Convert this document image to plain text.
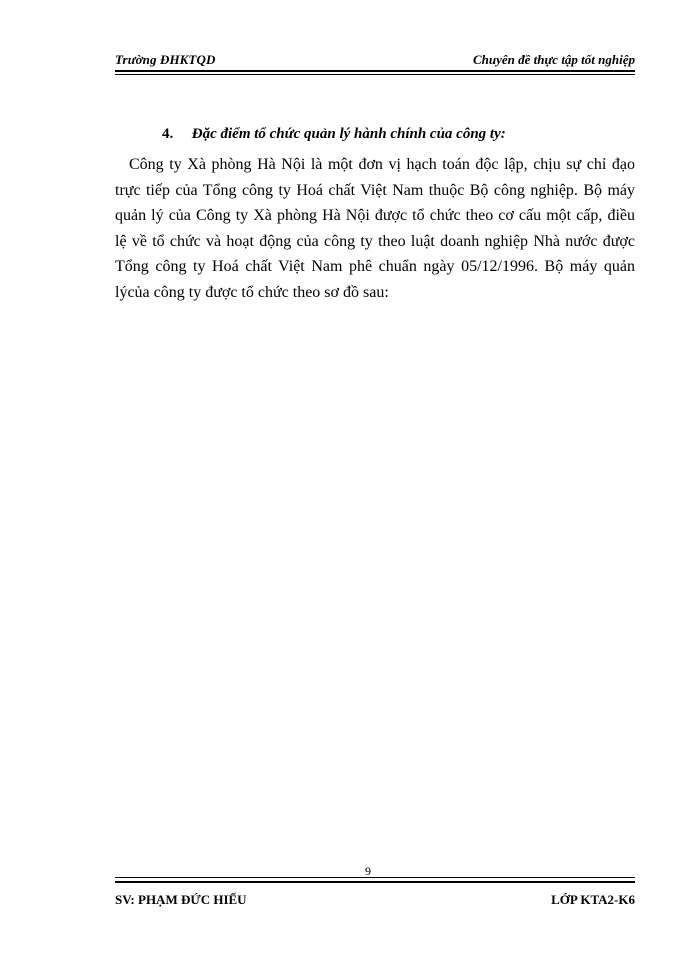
Trường ĐHKTQD	Chuyên đề thực tập tốt nghiệp
4. Đặc điểm tổ chức quản lý hành chính của công ty:
Công ty Xà phòng Hà Nội là một đơn vị hạch toán độc lập, chịu sự chỉ đạo
trực tiếp của Tổng công ty Hoá chất Việt Nam thuộc Bộ công nghiệp. Bộ máy
quản lý của Công ty Xà phòng Hà Nội được tổ chức theo cơ cấu một cấp, điều
lệ về tổ chức và hoạt động của công ty theo luật doanh nghiệp Nhà nước được
Tổng công ty Hoá chất Việt Nam phê chuẩn ngày 05/12/1996. Bộ máy quản
lýcủa công ty được tổ chức theo sơ đồ sau:
9
SV: PHẠM ĐỨC HIẾU	LỚP KTA2-K6
